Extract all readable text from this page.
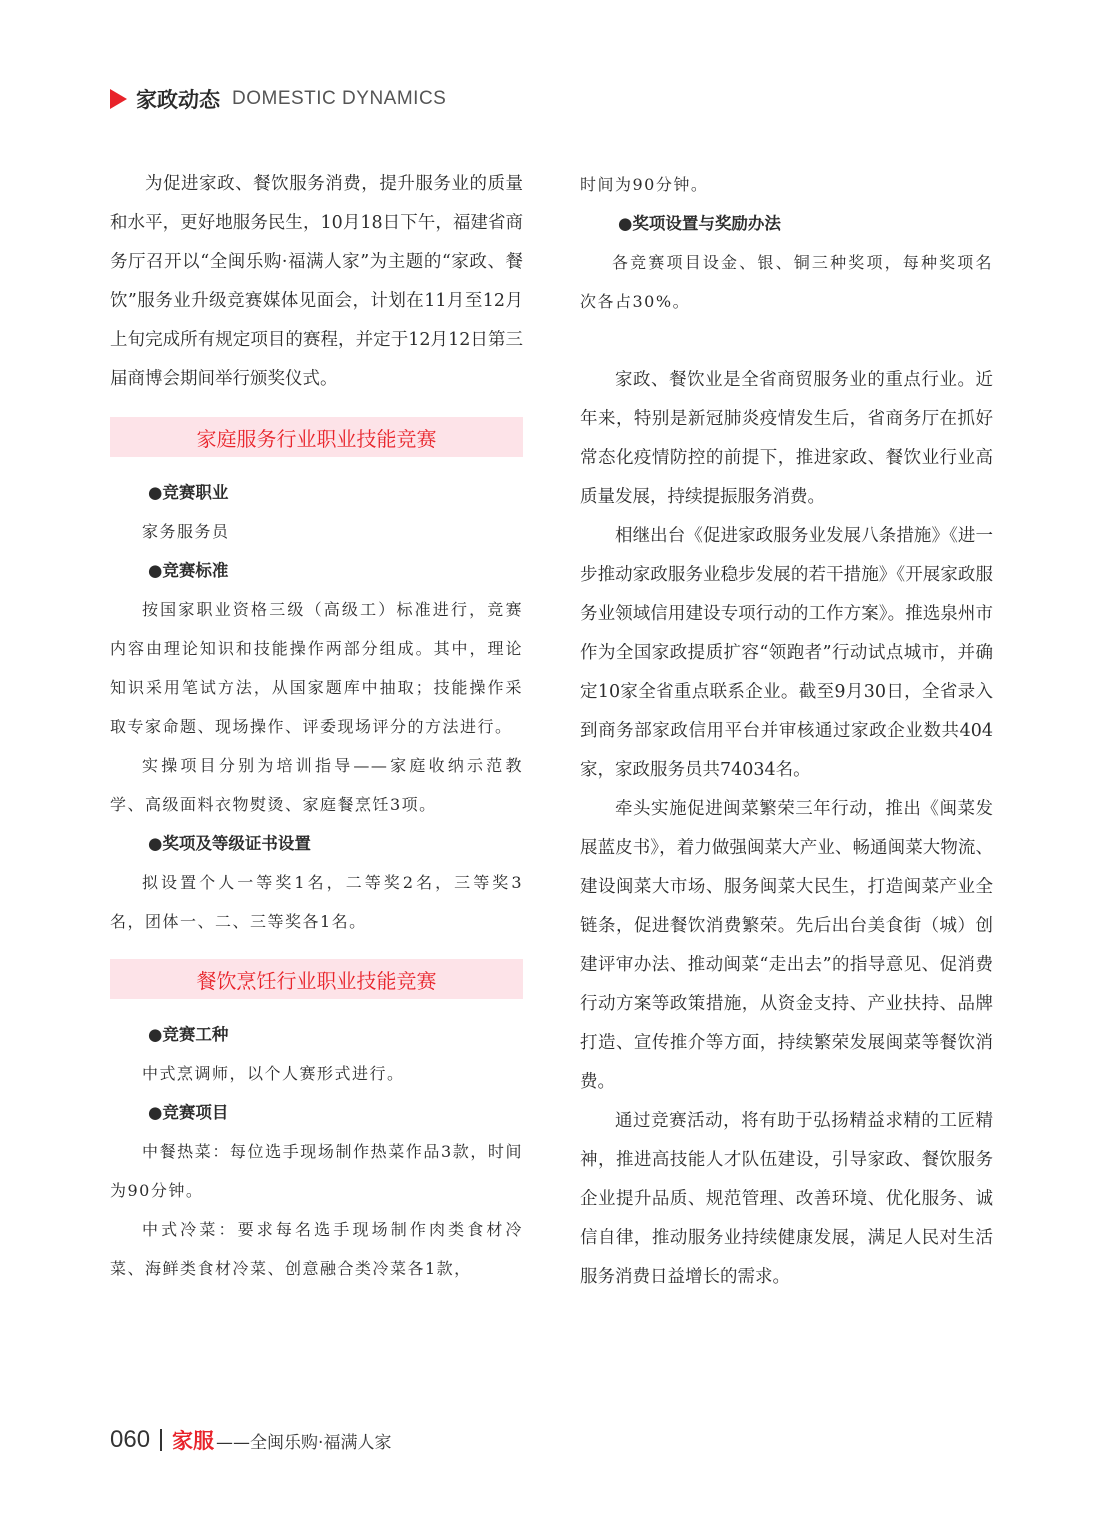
家政动态 DOMESTIC DYNAMICS

为促进家政、餐饮服务消费，提升服务业的质量和水平，更好地服务民生，10月18日下午，福建省商务厅召开以“全闽乐购·福满人家”为主题的“家政、餐饮”服务业升级竞赛媒体见面会，计划在11月至12月上旬完成所有规定项目的赛程，并定于12月12日第三届商博会期间举行颁奖仪式。

家庭服务行业职业技能竞赛

●竞赛职业

家务服务员

●竞赛标准

按国家职业资格三级（高级工）标准进行，竞赛内容由理论知识和技能操作两部分组成。其中，理论知识采用笔试方法，从国家题库中抽取；技能操作采取专家命题、现场操作、评委现场评分的方法进行。

实操项目分别为培训指导——家庭收纳示范教学、高级面料衣物熨烫、家庭餐烹饪3项。

●奖项及等级证书设置

拟设置个人一等奖1名，二等奖2名，三等奖3名，团体一、二、三等奖各1名。

餐饮烹饪行业职业技能竞赛

●竞赛工种

中式烹调师，以个人赛形式进行。

●竞赛项目

中餐热菜：每位选手现场制作热菜作品3款，时间为90分钟。

中式冷菜：要求每名选手现场制作肉类食材冷菜、海鲜类食材冷菜、创意融合类冷菜各1款，

时间为90分钟。

●奖项设置与奖励办法

各竞赛项目设金、银、铜三种奖项，每种奖项名次各占30%。

家政、餐饮业是全省商贸服务业的重点行业。近年来，特别是新冠肺炎疫情发生后，省商务厅在抓好常态化疫情防控的前提下，推进家政、餐饮业行业高质量发展，持续提振服务消费。

相继出台《促进家政服务业发展八条措施》《进一步推动家政服务业稳步发展的若干措施》《开展家政服务业领域信用建设专项行动的工作方案》。推选泉州市作为全国家政提质扩容“领跑者”行动试点城市，并确定10家全省重点联系企业。截至9月30日，全省录入到商务部家政信用平台并审核通过家政企业数共404家，家政服务员共74034名。

牵头实施促进闽菜繁荣三年行动，推出《闽菜发展蓝皮书》，着力做强闽菜大产业、畅通闽菜大物流、建设闽菜大市场、服务闽菜大民生，打造闽菜产业全链条，促进餐饮消费繁荣。先后出台美食街（城）创建评审办法、推动闽菜“走出去”的指导意见、促消费行动方案等政策措施，从资金支持、产业扶持、品牌打造、宣传推介等方面，持续繁荣发展闽菜等餐饮消费。

通过竞赛活动，将有助于弘扬精益求精的工匠精神，推进高技能人才队伍建设，引导家政、餐饮服务企业提升品质、规范管理、改善环境、优化服务、诚信自律，推动服务业持续健康发展，满足人民对生活服务消费日益增长的需求。

060 家服 ——全闽乐购·福满人家
